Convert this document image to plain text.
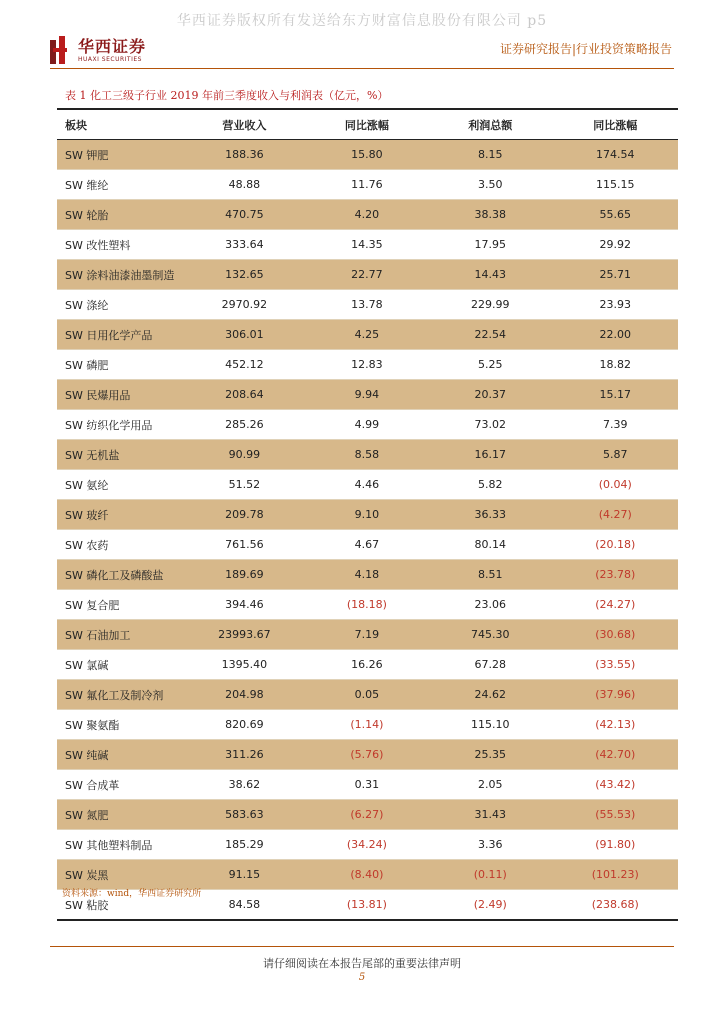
华西证券版权所有发送给东方财富信息股份有限公司 p5
华西证券
HUAXI SECURITIES
证券研究报告|行业投资策略报告
表 1 化工三级子行业 2019 年前三季度收入与利润表（亿元，%）
板块	营业收入	同比涨幅	利润总额	同比涨幅
SW 钾肥	188.36	15.80	8.15	174.54
SW 维纶	48.88	11.76	3.50	115.15
SW 轮胎	470.75	4.20	38.38	55.65
SW 改性塑料	333.64	14.35	17.95	29.92
SW 涂料油漆油墨制造	132.65	22.77	14.43	25.71
SW 涤纶	2970.92	13.78	229.99	23.93
SW 日用化学产品	306.01	4.25	22.54	22.00
SW 磷肥	452.12	12.83	5.25	18.82
SW 民爆用品	208.64	9.94	20.37	15.17
SW 纺织化学用品	285.26	4.99	73.02	7.39
SW 无机盐	90.99	8.58	16.17	5.87
SW 氨纶	51.52	4.46	5.82	(0.04)
SW 玻纤	209.78	9.10	36.33	(4.27)
SW 农药	761.56	4.67	80.14	(20.18)
SW 磷化工及磷酸盐	189.69	4.18	8.51	(23.78)
SW 复合肥	394.46	(18.18)	23.06	(24.27)
SW 石油加工	23993.67	7.19	745.30	(30.68)
SW 氯碱	1395.40	16.26	67.28	(33.55)
SW 氟化工及制冷剂	204.98	0.05	24.62	(37.96)
SW 聚氨酯	820.69	(1.14)	115.10	(42.13)
SW 纯碱	311.26	(5.76)	25.35	(42.70)
SW 合成革	38.62	0.31	2.05	(43.42)
SW 氮肥	583.63	(6.27)	31.43	(55.53)
SW 其他塑料制品	185.29	(34.24)	3.36	(91.80)
SW 炭黑	91.15	(8.40)	(0.11)	(101.23)
SW 粘胶	84.58	(13.81)	(2.49)	(238.68)
资料来源：wind，华西证券研究所
请仔细阅读在本报告尾部的重要法律声明
5
